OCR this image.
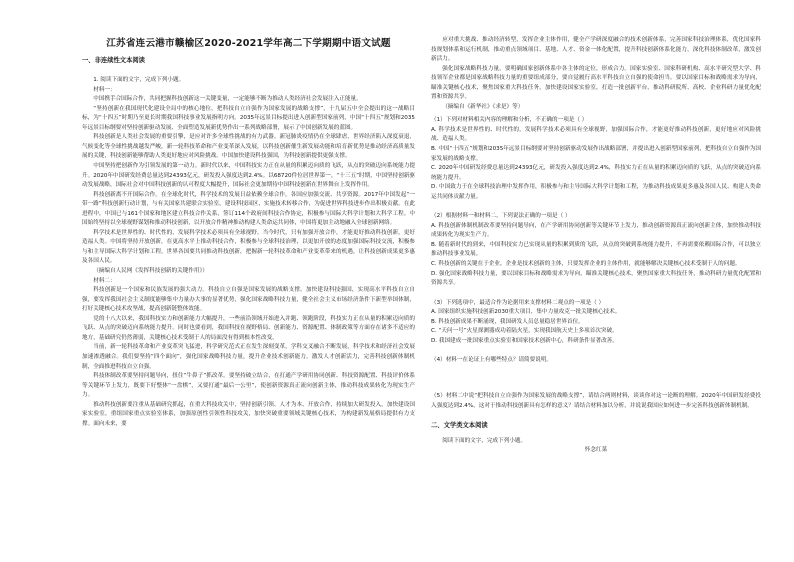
江苏省连云港市赣榆区2020-2021学年高二下学期期中语文试题
一、非连续性文本阅读

1. 阅读下面的文字，完成下列小题。

材料一：

中国携手合国际合作，共同把握科技创新这一关键变量，一定能够不断为推动人类经济社会发展注入正能量。

“坚持创新在我国现代化建设全局中的核心地位，把科技自立自强作为国家发展的战略支撑”，十九届五中全会提出的这一战略目标，为“十四五”时期乃至更长时期我国科技事业发展指明方向。2035年远景目标提出进入创新型国家前列，中国“十四五”规划和2035年远景目标纲要对坚持创新驱动发展、全面塑造发展新优势作出一系列战略部署，展示了中国创新发展的蓝图。

科技创新是人类社会发展的重要引擎，是应对许多全球性挑战的有力武器。新冠肺炎疫情仍在全球肆虐，世界经济陷入深度衰退，气候变化等全球性挑战越发严峻，新一轮科技革命和产业变革深入发展，以科技创新催生新发展动能和培育新优势是推动经济高质量发展的关键，科技创新能够帮助人类更好地应对风险挑战。中国加快建设科技强国，为科技创新提供更强支撑。

中国坚持把创新作为引领发展的第一动力。新时代以来，中国科技实力正在从量的积累迈向质的飞跃，从点的突破迈向系统能力提升。2020年中国研发经费总量达到24393亿元，研发投入强度达到2.4%。以68720件位居世界第一。“十三五”时期，中国坚持创新驱动发展战略，国际社会对中国科技创新的认可程度大幅提升，国际社会更加期待中国科技创新在世界舞台上发挥作用。

科技创新离不开国际合作。在全球化时代，科学技术的发展日益依赖全球合作，各国应加强交流、共享资源。2017年中国发起“一带一路”科技创新行动计划，与有关国家共建联合实验室，建设科技园区，实施技术转移合作，为促进世界科技进步作出积极贡献。在此进程中，中国已与161个国家和地区建立科技合作关系，签订114个政府间科技合作协定，积极参与国际大科学计划和大科学工程。中国始终坚持以全球视野谋划和推动科技创新，以开放合作精神推动构建人类命运共同体，中国将更加主动地融入全球创新网络。

科学技术是世界性的、时代性的，发展科学技术必须具有全球视野。当今时代，只有加强开放合作，才能更好推动科技创新，更好造福人类。中国将坚持开放创新，在更高水平上推动科技合作，积极参与全球科技治理，以更加开放的态度加强国际科技交流，积极参与和主导国际大科学计划和工程。世界各国要共同推动科技创新，把握新一轮科技革命和产业变革带来的机遇，让科技创新成果更多惠及各国人民。

（摘编自人民网《发挥科技创新的关键作用》）

材料二：

科技创新是一个国家和民族发展的强大动力。科技自立自强是国家发展的战略支撑。加快建设科技强国，实现高水平科技自立自强，要发挥我国社会主义制度能够集中力量办大事的显著优势，强化国家战略科技力量，健全社会主义市场经济条件下新型举国体制，打好关键核心技术攻坚战，提高创新链整体效能。

党的十八大以来，我国科技实力和创新能力大幅提升，一些前沿领域开始进入并跑、领跑阶段，科技实力正在从量的积累迈向质的飞跃、从点的突破迈向系统能力提升。同时也要看到，我国科技在视野格局、创新能力、资源配置、体制政策等方面存在诸多不适应的地方，基础研究仍然薄弱，关键核心技术受制于人的局面没有得到根本性改变。

当前，新一轮科技革命和产业变革突飞猛进，科学研究范式正在发生深刻变革，学科交叉融合不断发展，科学技术和经济社会发展加速渗透融合。我们要坚持“四个面向”，强化国家战略科技力量，提升企业技术创新能力，激发人才创新活力，完善科技创新体制机制，全面推进科技自立自强。

科技体制改革要坚持问题导向，扭住“牛鼻子”抓改革。要坚持破立结合，在打通产学研用协同创新、科技资源配置、科技评价体系等关键环节上发力，既要下好整体“一盘棋”，又要打通“最后一公里”，使创新资源真正流向创新主体，推动科技成果转化为现实生产力。

推动科技创新要注重从基础研究抓起，在重大科技攻关中，坚持创新引领、人才为本、开放合作，持续加大研发投入，加快建设国家实验室，重组国家重点实验室体系，加强原创性引领性科技攻关，加快突破重要领域关键核心技术，为构建新发展格局提供有力支撑。面向未来，要

应对重大挑战、推动经济转型，发挥企业主体作用，健全产学研深度融合的技术创新体系，完善国家科技治理体系，优化国家科技规划体系和运行机制，推动重点领域项目、基地、人才、资金一体化配置，提升科技创新体系化能力，深化科技体制改革，激发创新活力。

强化国家战略科技力量，要明确国家创新体系中各主体的定位，形成合力。国家实验室、国家科研机构、高水平研究型大学、科技领军企业都是国家战略科技力量的重要组成部分，要自觉履行高水平科技自立自强的使命担当。要以国家目标和战略需求为导向，瞄准关键核心技术，聚焦国家重大科技任务，加快建设国家实验室，打造一批创新平台，推动科研院所、高校、企业科研力量优化配置和资源共享。

（摘编自《新华社》《求是》等）

（1）下列对材料相关内容的理解和分析，不正确的一项是（ ）

A. 科学技术是世界性的、时代性的，发展科学技术必须具有全球视野，加强国际合作，才能更好推动科技创新，更好地应对风险挑战、造福人类。

B. 中国“十四五”规划和2035年远景目标纲要对坚持创新驱动发展作出战略部署，并提出进入创新型国家前列，把科技自立自强作为国家发展的战略支撑。

C. 2020年中国研发经费总量达到24393亿元，研发投入强度达到2.4%，科技实力正在从量的积累迈向质的飞跃，从点的突破迈向系统能力提升。

D. 中国致力于在全球科技治理中发挥作用，积极参与和主导国际大科学计划和工程，为推动科技成果更多惠及各国人民、构建人类命运共同体贡献力量。

（2）根据材料一和材料二，下列说法正确的一项是（ ）

A. 科技创新体制机制改革要坚持问题导向，在产学研用协同创新等关键环节上发力，推动创新资源真正流向创新主体，加快推动科技成果转化为现实生产力。

B. 随着新时代的到来，中国科技实力已实现从量的积累到质的飞跃，从点的突破到系统能力提升，不再需要依赖国际合作，可以独立推动科技事业发展。

C. 科技创新的关键在于企业，企业是技术创新的主体，只要发挥企业的主体作用，就能够解决关键核心技术受制于人的问题。

D. 强化国家战略科技力量，要以国家目标和战略需求为导向，瞄准关键核心技术，聚焦国家重大科技任务，推动科研力量优化配置和资源共享。

（3）下列选项中，最适合作为论据用来支撑材料二观点的一项是（ ）

A. 国家组织实施科技创新2030重大项目，集中力量攻克一批关键核心技术。

B. 科技创新成果不断涌现，我国研发人员总量稳居世界首位。

C. “天问一号”火星探测器成功着陆火星，实现我国航天史上多项首次突破。

D. 我国建成一批国家重点实验室和国家技术创新中心，科研条件显著改善。

（4）材料一在论证上有哪些特点？请简要说明。

（5）材料二中说“把科技自立自强作为国家发展的战略支撑”，请结合两则材料，谈谈你对这一论断的理解。2020年中国研发经费投入强度达到2.4%，这对于推动科技创新具有怎样的意义？请结合材料加以分析，并说说我国应如何进一步完善科技创新体制机制。

二、文学类文本阅读

阅读下面的文字，完成下列小题。

怀念红菜
